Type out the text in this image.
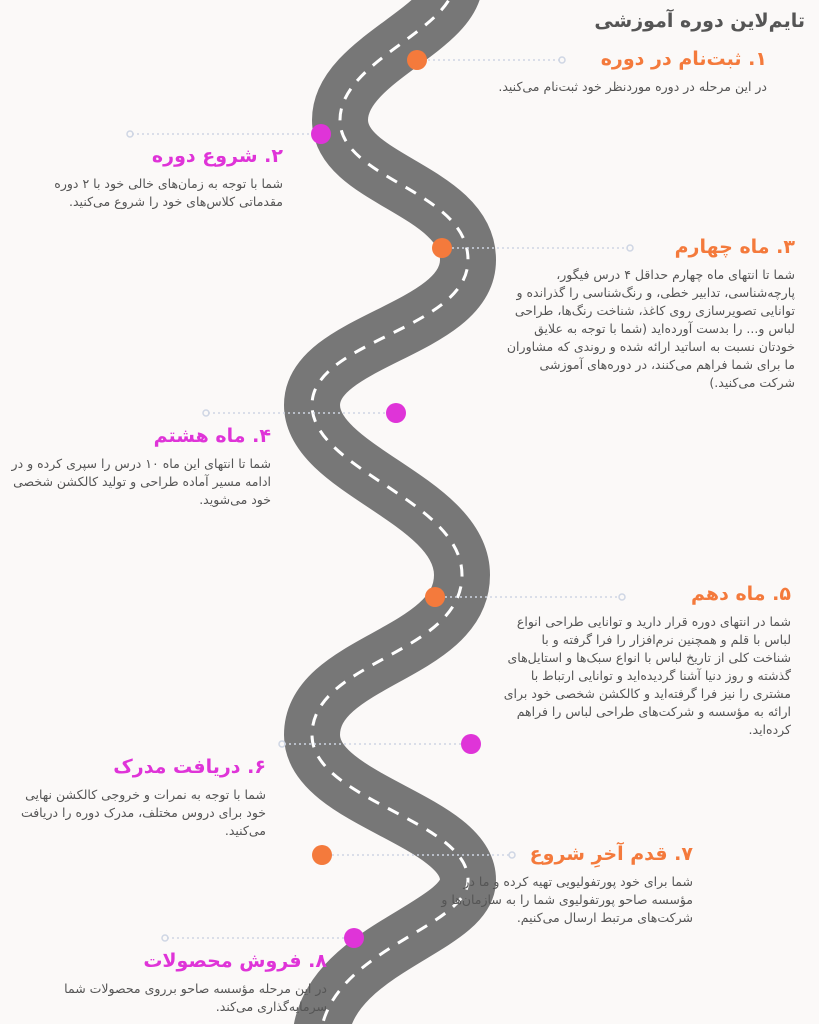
تایم‌لاین دوره آموزشی
۱. ثبت‌نام در دوره

در این مرحله در دوره موردنظر خود ثبت‌نام می‌کنید.

۲. شروع دوره

شما با توجه به زمان‌های خالی خود با ۲ دوره مقدماتی کلاس‌های خود را شروع می‌کنید.

۳. ماه چهارم

شما تا انتهای ماه چهارم حداقل ۴ درس فیگور، پارچه‌شناسی، تدابیر خطی، و رنگ‌شناسی را گذرانده و توانایی تصویرسازی روی کاغذ، شناخت رنگ‌ها، طراحی لباس و... را بدست آورده‌اید (شما با توجه به علایق خودتان نسبت به اساتید ارائه شده و روندی که مشاوران ما برای شما فراهم می‌کنند، در دوره‌های آموزشی شرکت می‌کنید.)

۴. ماه هشتم

شما تا انتهای این ماه ۱۰ درس را سپری کرده و در ادامه مسیر آماده طراحی و تولید کالکشن شخصی خود می‌شوید.

۵. ماه دهم

شما در انتهای دوره قرار دارید و توانایی طراحی انواع لباس با قلم و همچنین نرم‌افزار را فرا گرفته و با شناخت کلی از تاریخ لباس با انواع سبک‌ها و استایل‌های گذشته و روز دنیا آشنا گردیده‌اید و توانایی ارتباط با مشتری را نیز فرا گرفته‌اید و کالکشن شخصی خود برای ارائه به مؤسسه و شرکت‌های طراحی لباس را فراهم کرده‌اید.

۶. دریافت مدرک

شما با توجه به نمرات و خروجی کالکشن نهایی خود برای دروس مختلف، مدرک دوره را دریافت می‌کنید.

۷. قدم آخرِ شروع

شما برای خود پورتفولیویی تهیه کرده و ما در مؤسسه صاحو پورتفولیوی شما را به سازمان‌ها و شرکت‌های مرتبط ارسال می‌کنیم.

۸. فروش محصولات

در این مرحله مؤسسه صاحو برروی محصولات شما سرمایه‌گذاری می‌کند.
